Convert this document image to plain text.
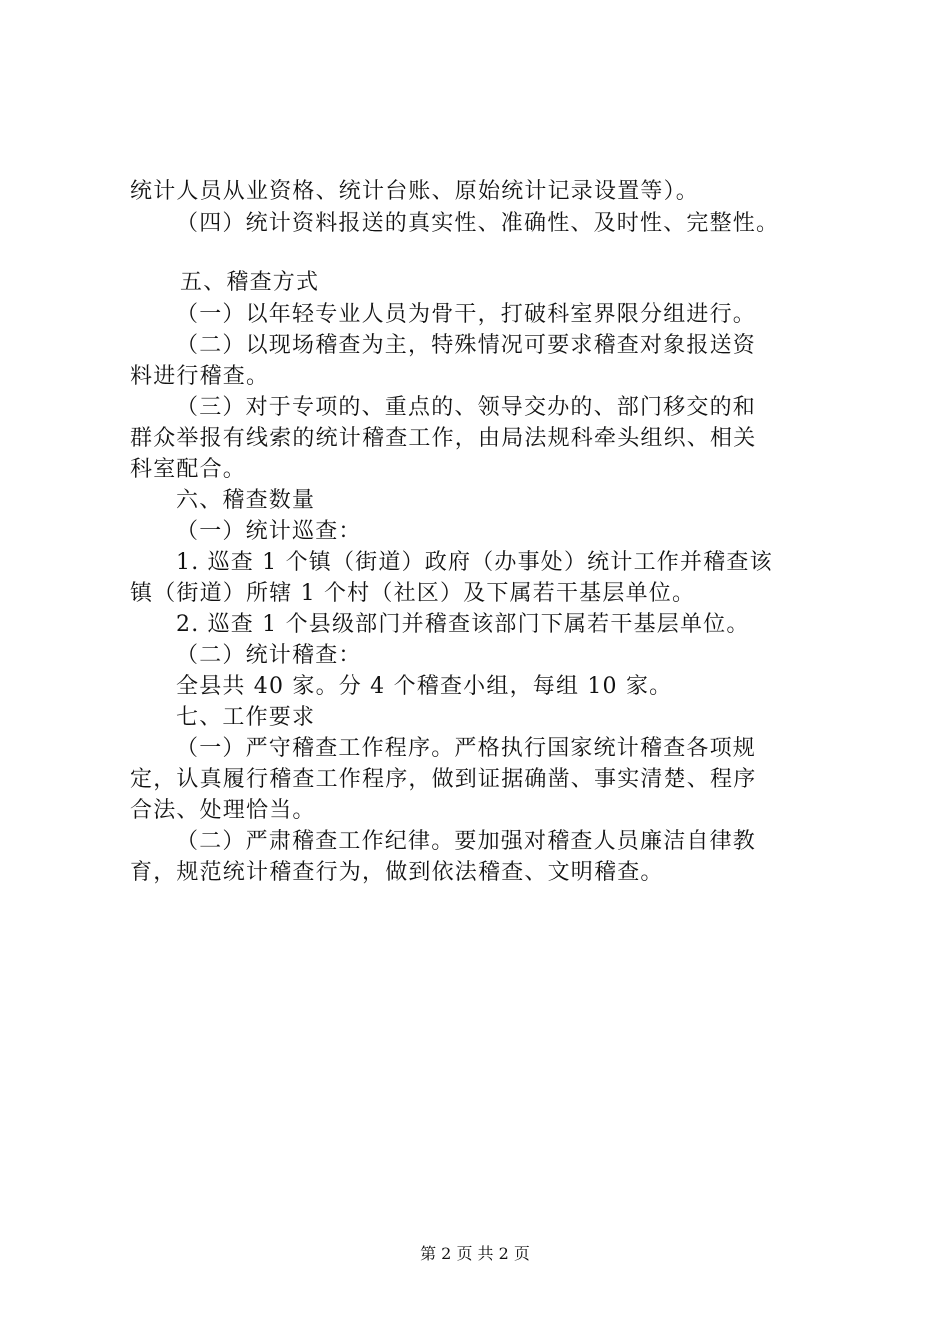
统计人员从业资格、统计台账、原始统计记录设置等）。
（四）统计资料报送的真实性、准确性、及时性、完整性。
五、稽查方式
（一）以年轻专业人员为骨干，打破科室界限分组进行。
（二）以现场稽查为主，特殊情况可要求稽查对象报送资
料进行稽查。
（三）对于专项的、重点的、领导交办的、部门移交的和
群众举报有线索的统计稽查工作，由局法规科牵头组织、相关
科室配合。
六、稽查数量
（一）统计巡查：
1. 巡查 1 个镇（街道）政府（办事处）统计工作并稽查该
镇（街道）所辖 1 个村（社区）及下属若干基层单位。
2. 巡查 1 个县级部门并稽查该部门下属若干基层单位。
（二）统计稽查：
全县共 40 家。分 4 个稽查小组，每组 10 家。
七、工作要求
（一）严守稽查工作程序。严格执行国家统计稽查各项规
定，认真履行稽查工作程序，做到证据确凿、事实清楚、程序
合法、处理恰当。
（二）严肃稽查工作纪律。要加强对稽查人员廉洁自律教
育，规范统计稽查行为，做到依法稽查、文明稽查。
第 2 页 共 2 页
